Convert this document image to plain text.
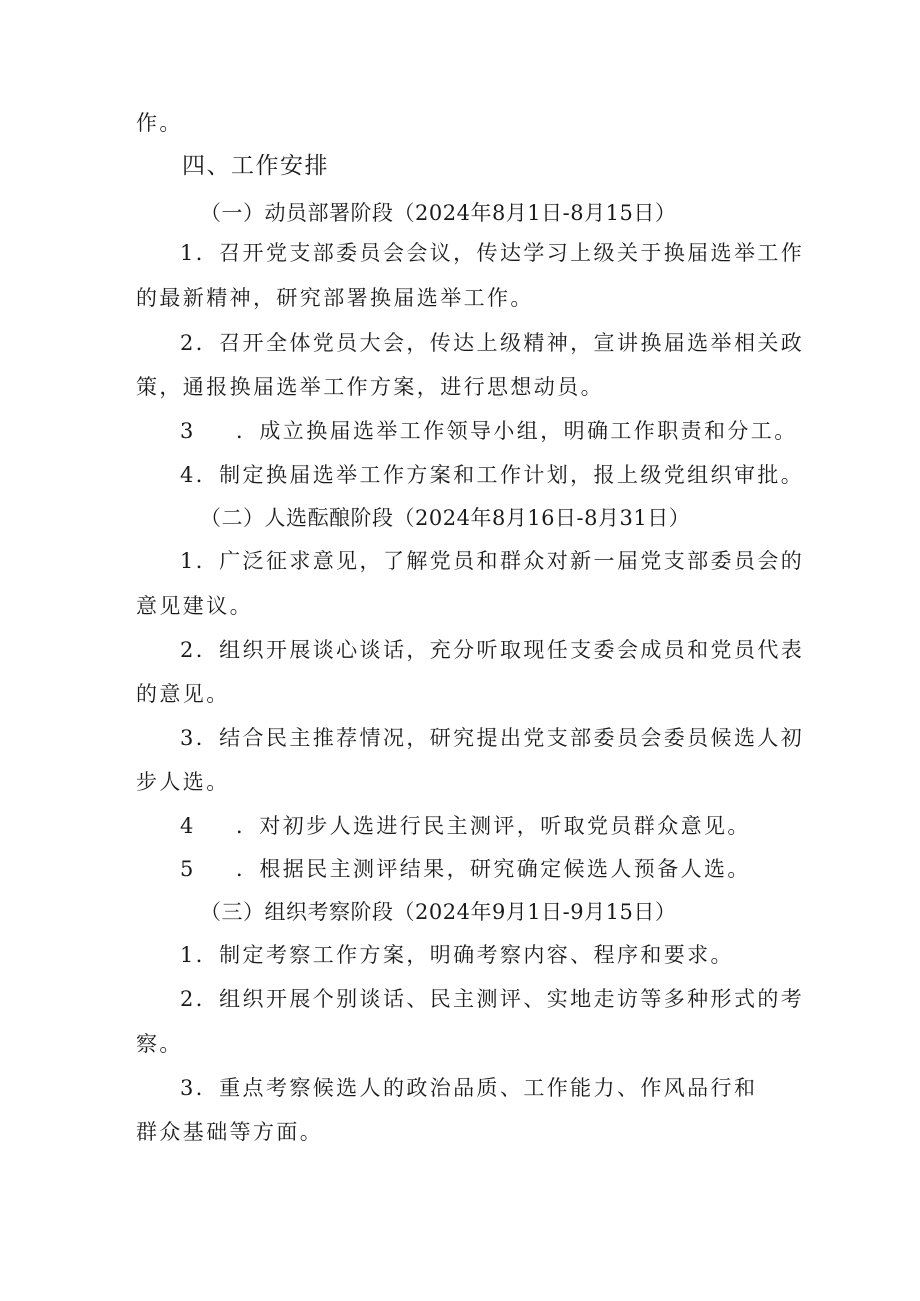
作。
四、工作安排
（一）动员部署阶段（2024年8月1日-8月15日）
1．召开党支部委员会会议，传达学习上级关于换届选举工作
的最新精神，研究部署换届选举工作。
2．召开全体党员大会，传达上级精神，宣讲换届选举相关政
策，通报换届选举工作方案，进行思想动员。
3 ．成立换届选举工作领导小组，明确工作职责和分工。
4．制定换届选举工作方案和工作计划，报上级党组织审批。
（二）人选酝酿阶段（2024年8月16日-8月31日）
1．广泛征求意见，了解党员和群众对新一届党支部委员会的
意见建议。
2．组织开展谈心谈话，充分听取现任支委会成员和党员代表
的意见。
3．结合民主推荐情况，研究提出党支部委员会委员候选人初
步人选。
4 ．对初步人选进行民主测评，听取党员群众意见。
5 ．根据民主测评结果，研究确定候选人预备人选。
（三）组织考察阶段（2024年9月1日-9月15日）
1．制定考察工作方案，明确考察内容、程序和要求。
2．组织开展个别谈话、民主测评、实地走访等多种形式的考
察。
3．重点考察候选人的政治品质、工作能力、作风品行和
群众基础等方面。
